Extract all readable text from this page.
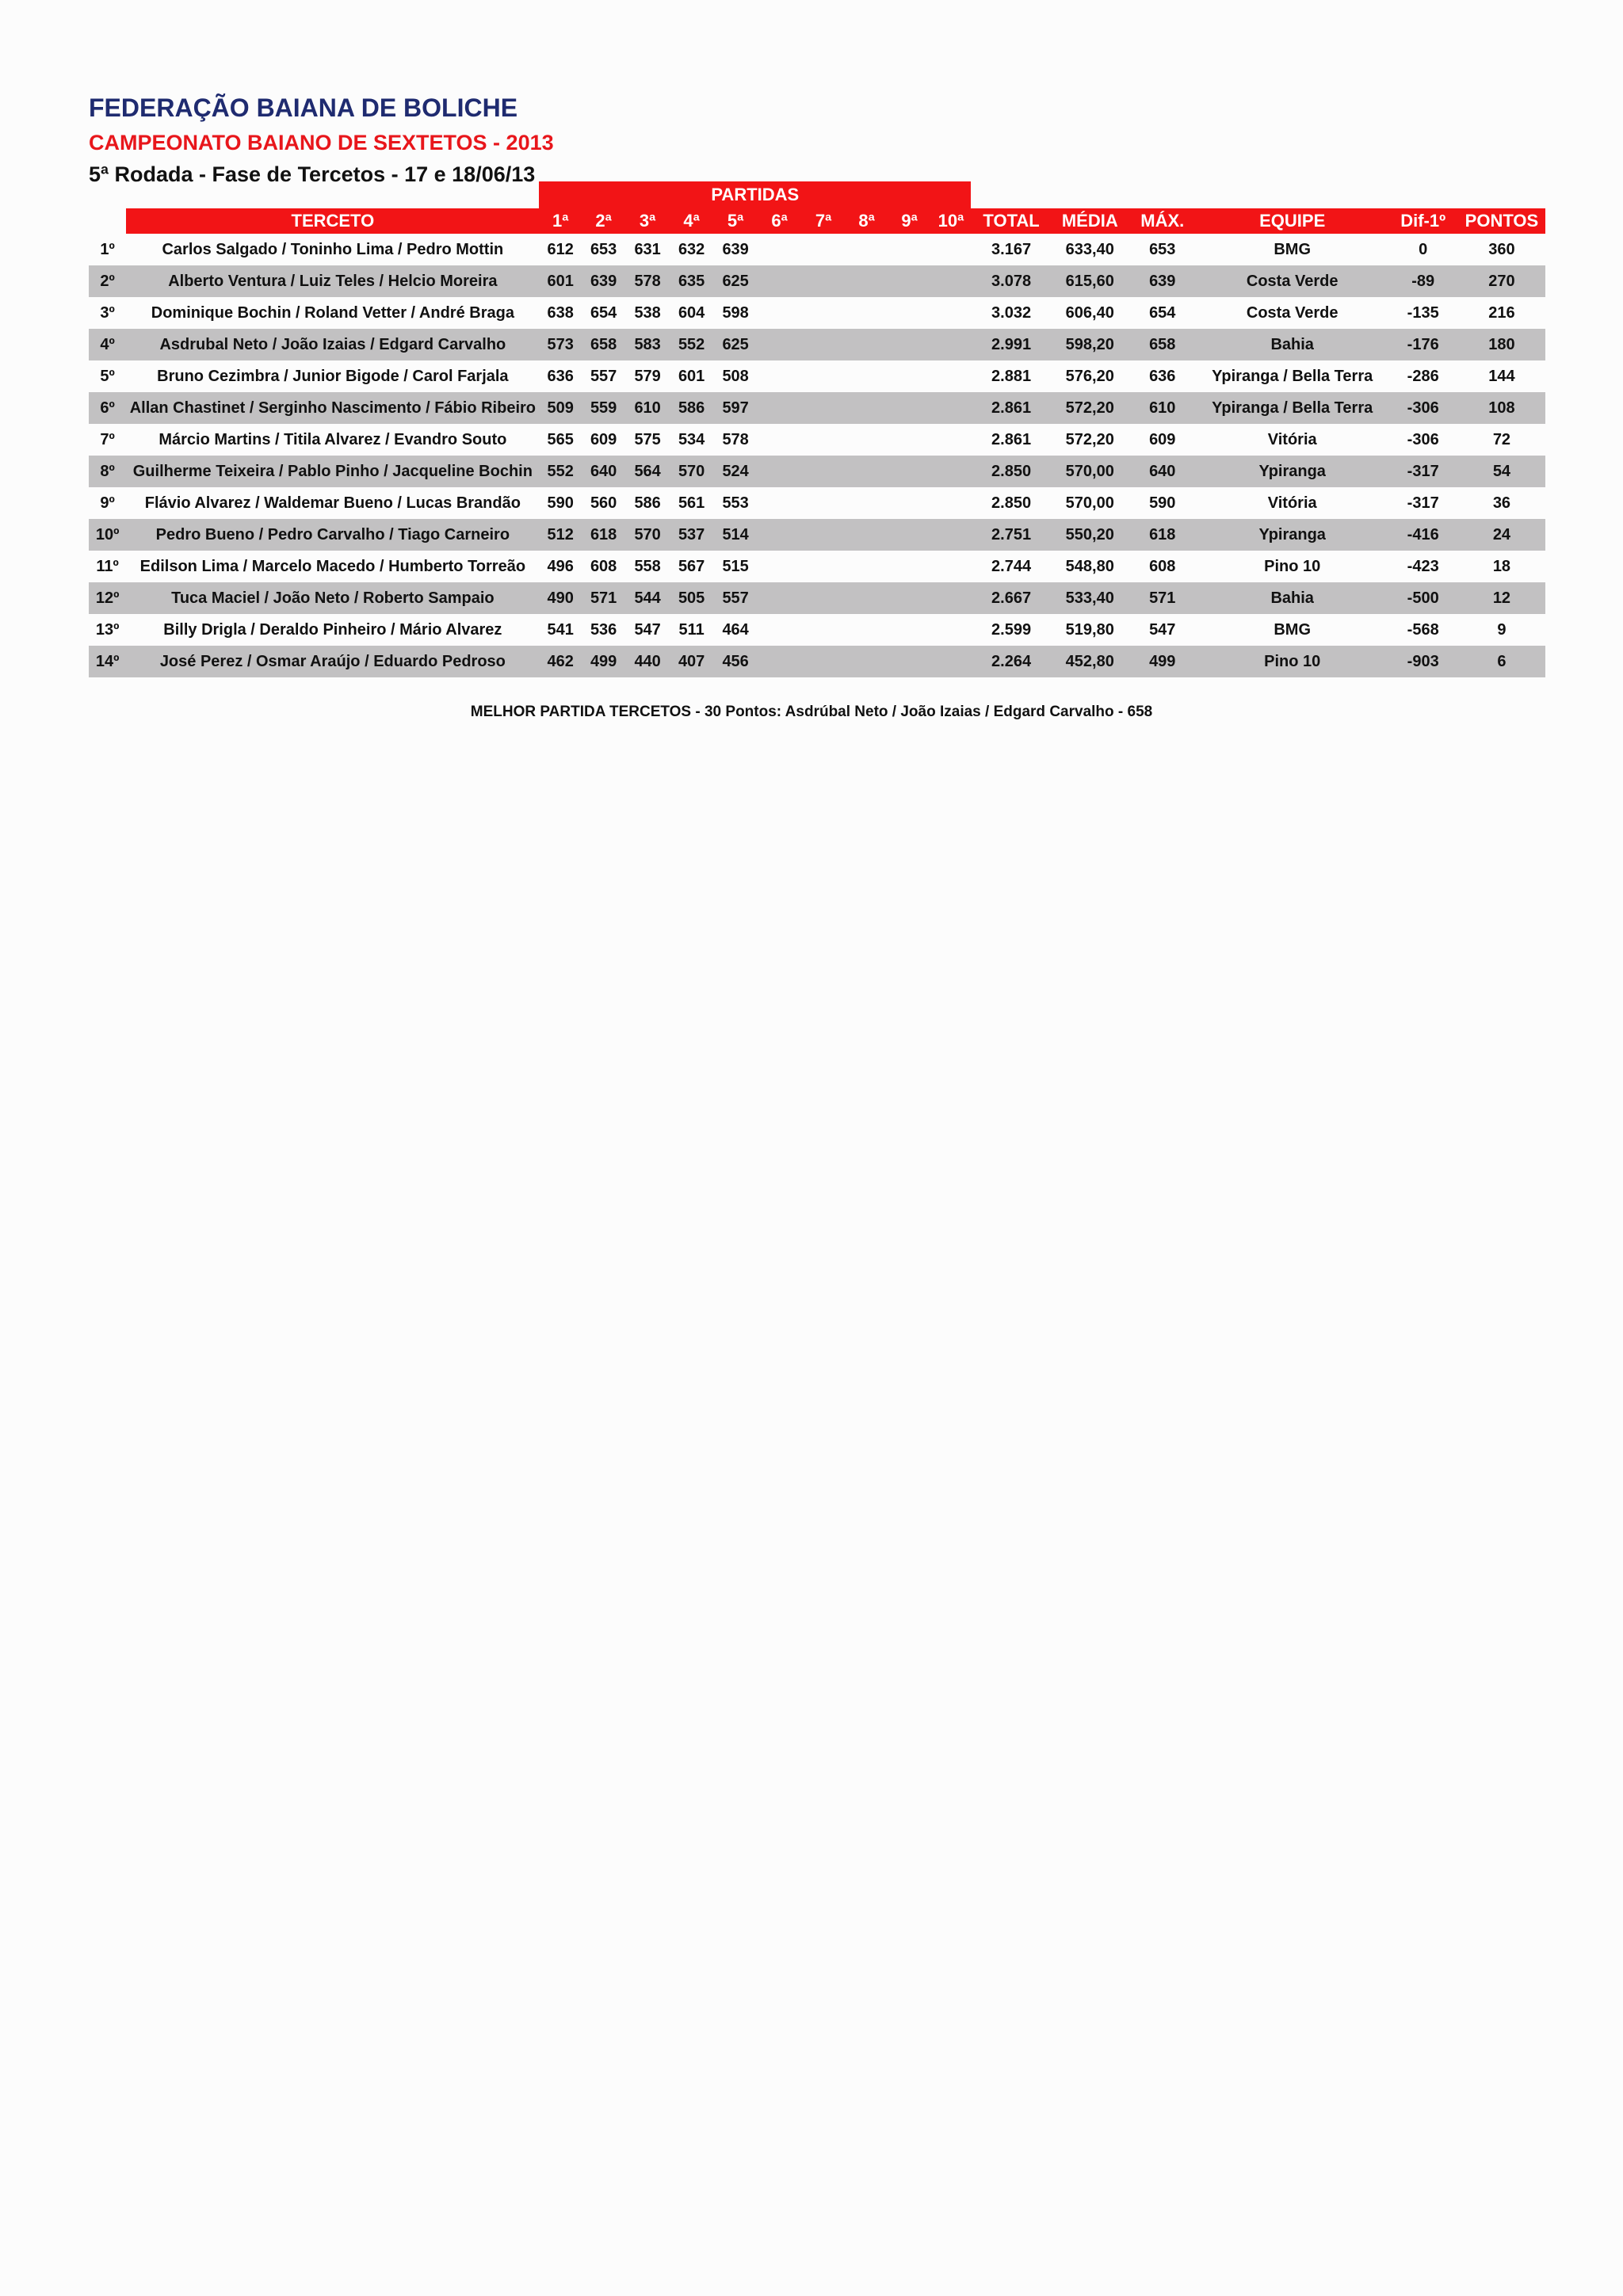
FEDERAÇÃO BAIANA DE BOLICHE
CAMPEONATO BAIANO DE SEXTETOS - 2013
5ª Rodada - Fase de Tercetos - 17 e 18/06/13
		PARTIDAS															
	TERCETO	1ª	2ª	3ª	4ª	5ª	6ª	7ª	8ª	9ª	10ª	TOTAL	MÉDIA	MÁX.	EQUIPE	Dif-1º	PONTOS
1º	Carlos Salgado / Toninho Lima / Pedro Mottin	612	653	631	632	639						3.167	633,40	653	BMG	0	360
2º	Alberto Ventura / Luiz Teles / Helcio Moreira	601	639	578	635	625						3.078	615,60	639	Costa Verde	-89	270
3º	Dominique Bochin / Roland Vetter / André Braga	638	654	538	604	598						3.032	606,40	654	Costa Verde	-135	216
4º	Asdrubal Neto / João Izaias / Edgard Carvalho	573	658	583	552	625						2.991	598,20	658	Bahia	-176	180
5º	Bruno Cezimbra / Junior Bigode / Carol Farjala	636	557	579	601	508						2.881	576,20	636	Ypiranga / Bella Terra	-286	144
6º	Allan Chastinet / Serginho Nascimento / Fábio Ribeiro	509	559	610	586	597						2.861	572,20	610	Ypiranga / Bella Terra	-306	108
7º	Márcio Martins / Titila Alvarez / Evandro Souto	565	609	575	534	578						2.861	572,20	609	Vitória	-306	72
8º	Guilherme Teixeira / Pablo Pinho / Jacqueline Bochin	552	640	564	570	524						2.850	570,00	640	Ypiranga	-317	54
9º	Flávio Alvarez / Waldemar Bueno / Lucas Brandão	590	560	586	561	553						2.850	570,00	590	Vitória	-317	36
10º	Pedro Bueno / Pedro Carvalho / Tiago Carneiro	512	618	570	537	514						2.751	550,20	618	Ypiranga	-416	24
11º	Edilson Lima / Marcelo Macedo / Humberto Torreão	496	608	558	567	515						2.744	548,80	608	Pino 10	-423	18
12º	Tuca Maciel / João Neto / Roberto Sampaio	490	571	544	505	557						2.667	533,40	571	Bahia	-500	12
13º	Billy Drigla / Deraldo Pinheiro / Mário Alvarez	541	536	547	511	464						2.599	519,80	547	BMG	-568	9
14º	José Perez / Osmar Araújo / Eduardo Pedroso	462	499	440	407	456						2.264	452,80	499	Pino 10	-903	6
MELHOR PARTIDA TERCETOS - 30 Pontos: Asdrúbal Neto / João Izaias / Edgard Carvalho - 658
